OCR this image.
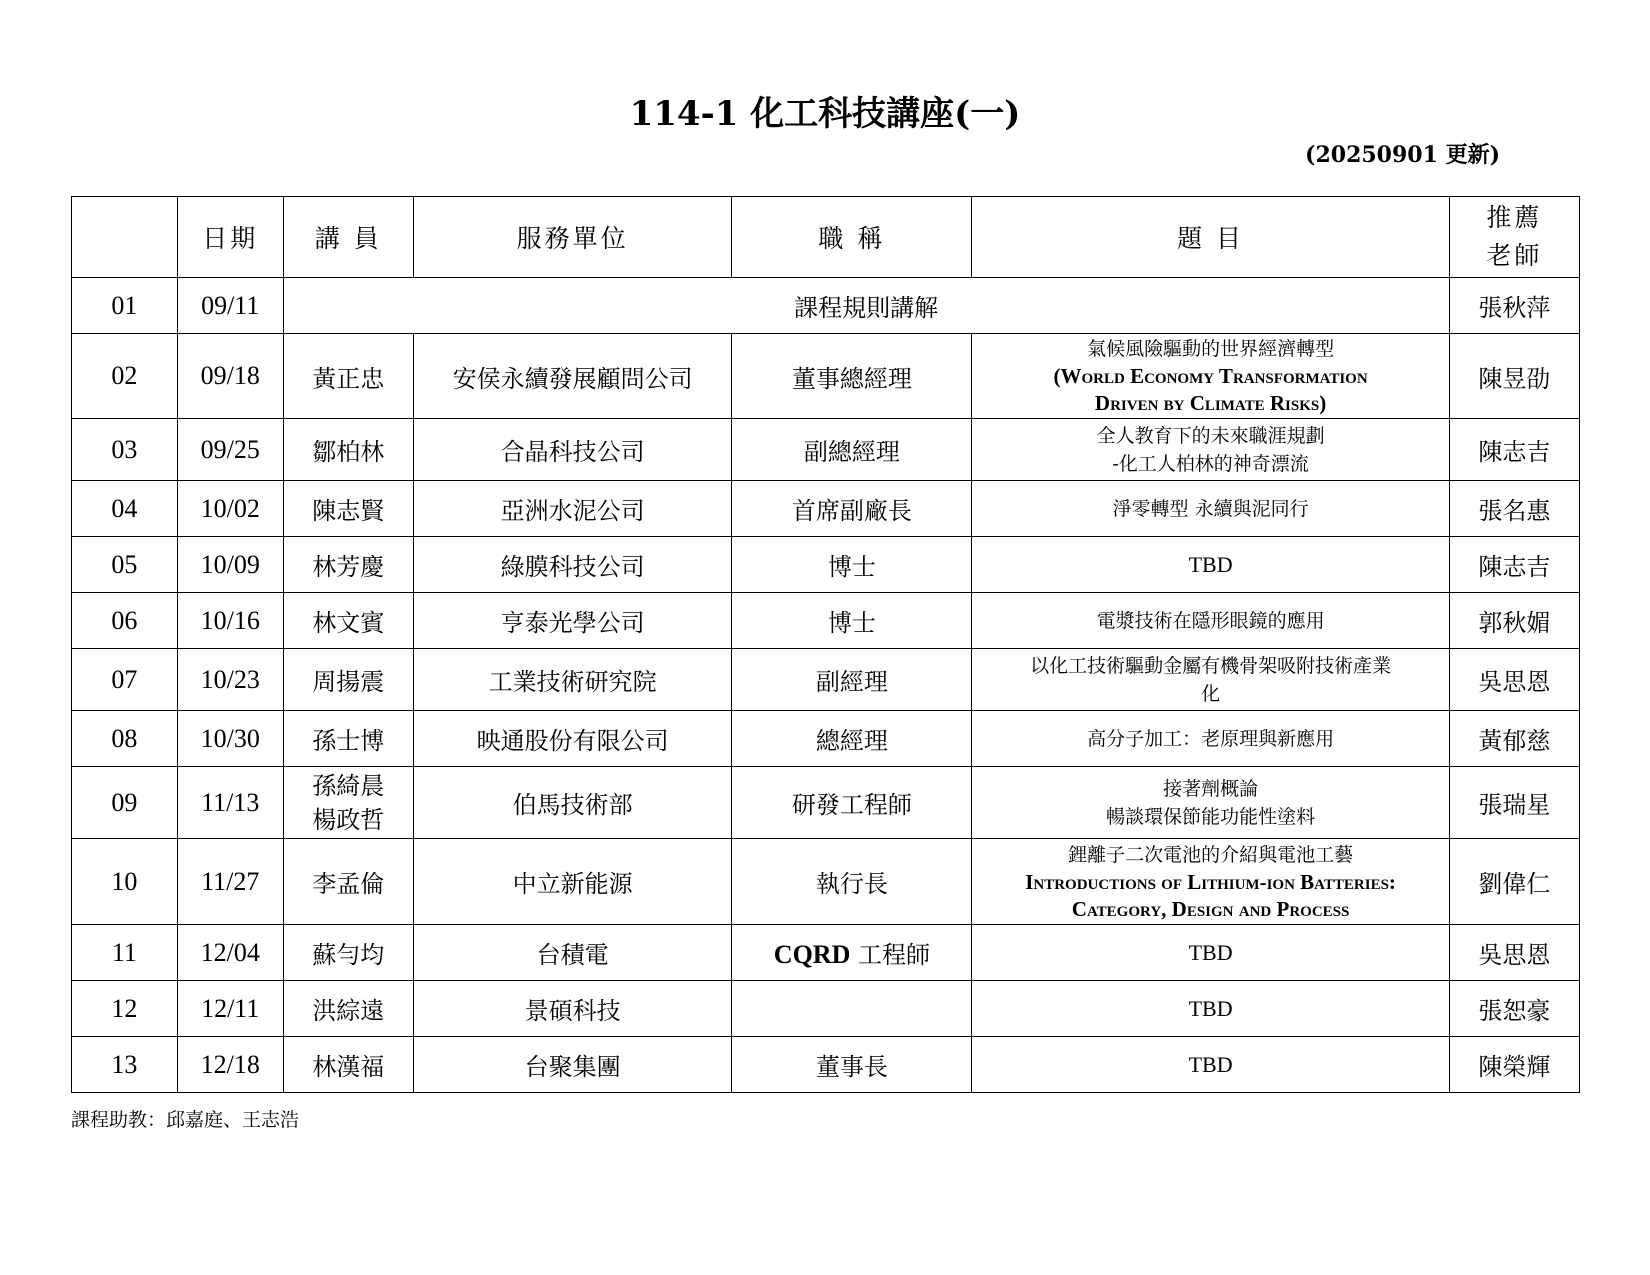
114-1 化工科技講座(一)
(20250901 更新)
	日期	講 員	服務單位	職 稱	題 目	推薦
老師

01	09/11	課程規則講解				張秋萍
02	09/18	黃正忠	安侯永續發展顧問公司	董事總經理	氣候風險驅動的世界經濟轉型
(World Economy Transformation
Driven by Climate Risks)	陳昱劭
03	09/25	鄒柏林	合晶科技公司	副總經理	全人教育下的未來職涯規劃
-化工人柏林的神奇漂流	陳志吉
04	10/02	陳志賢	亞洲水泥公司	首席副廠長	淨零轉型 永續與泥同行	張名惠
05	10/09	林芳慶	綠膜科技公司	博士	TBD	陳志吉
06	10/16	林文賓	亨泰光學公司	博士	電漿技術在隱形眼鏡的應用	郭秋媚
07	10/23	周揚震	工業技術研究院	副經理	以化工技術驅動金屬有機骨架吸附技術產業
化	吳思恩
08	10/30	孫士博	映通股份有限公司	總經理	高分子加工：老原理與新應用	黃郁慈
09	11/13	孫綺晨
楊政哲	伯馬技術部	研發工程師	接著劑概論
暢談環保節能功能性塗料	張瑞星
10	11/27	李孟倫	中立新能源	執行長	鋰離子二次電池的介紹與電池工藝
Introductions of Lithium-ion Batteries:
Category, Design and Process	劉偉仁
11	12/04	蘇勻均	台積電	CQRD 工程師	TBD	吳思恩
12	12/11	洪綜遠	景碩科技		TBD	張恕豪
13	12/18	林漢福	台聚集團	董事長	TBD	陳榮輝
課程助教：邱嘉庭、王志浩
